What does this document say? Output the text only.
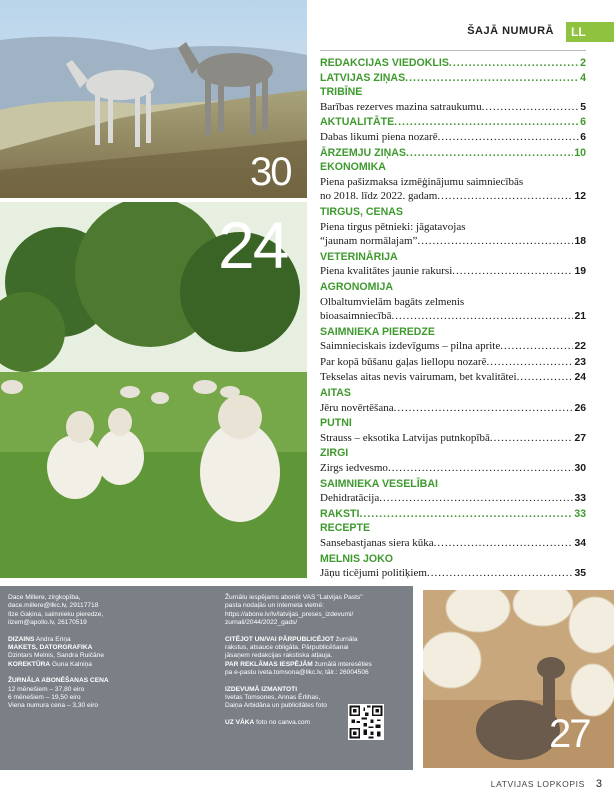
30
24
27
ŠAJĀ NUMURĀ	LL
REDAKCIJAS VIEDOKLIS .....	2
LATVIJAS ZIŅAS .....	4
TRIBĪNE
Barības rezerves mazina satraukumu .....	5
AKTUALITĀTE .....	6
Dabas likumi piena nozarē .....	6
ĀRZEMJU ZIŅAS .....	10
EKONOMIKA
Piena pašizmaksa izmēģinājumu saimniecībās
no 2018. līdz 2022. gadam .....	12
TIRGUS, CENAS
Piena tirgus pētnieki: jāgatavojas
“jaunam normālajam” .....	18
VETERINĀRIJA
Piena kvalitātes jaunie rakursi .....	19
AGRONOMIJA
Olbaltumvielām bagāts zelmenis
bioasaimniecībā .....	21
SAIMNIEKA PIEREDZE
Saimnieciskais izdevīgums – pilna aprite .....	22
Par kopā būšanu gaļas liellopu nozarē .....	23
Tekselas aitas nevis vairumam, bet kvalitātei .....	24
AITAS
Jēru novērtēšana .....	26
PUTNI
Strauss – eksotika Latvijas putnkopībā .....	27
ZIRGI
Zirgs iedvesmo .....	30
SAIMNIEKA VESELĪBAI
Dehidratācija .....	33
RAKSTI .....	33
RECEPTE
Sansebastjanas siera kūka .....	34
MELNIS JOKO
Jāņu ticējumi politiķiem .....	35

Dace Millere, zirgkopība,

dace.millere@llkc.lv, 29117718

Ilze Gaķina, saimnieku pieredze,

ilzem@apollo.lv, 26170519

DIZAINS Andra Eriņa

MAKETS, DATORGRAFIKA

Dzintars Melnis, Sandra Ruičāne

KOREKTŪRA Guna Kalniņa

ŽURNĀLA ABONĒŠANAS CENA

12 mēnešiem – 37,80 eiro

6 mēnešiem – 19,50 eiro

Viena numura cena – 3,30 eiro

Žurnālu iespējams abonēt VAS "Latvijas Pasts"

pasta nodaļās un interneta vietnē:

https://abone.lv/lv/latvijas_preses_izdevumi/

zurnali/2044/2022_gads/

CITĒJOT UN/VAI PĀRPUBLICĒJOT žurnāla

rakstus, atsauce obligāta. Pārpublicēšanai

jāsaņem redakcijas rakstiska atļauja.

PAR REKLĀMAS IESPĒJĀM žurnālā interesēties

pa e-pastu iveta.tomsona@llkc.lv, tālr.: 26004506

IZDEVUMĀ IZMANTOTI

Ivetas Tomsones, Annas Ērlihas,

Daiņa Arbidāna un publicitātes foto

UZ VĀKA foto no canva.com

LATVIJAS LOPKOPIS 3
